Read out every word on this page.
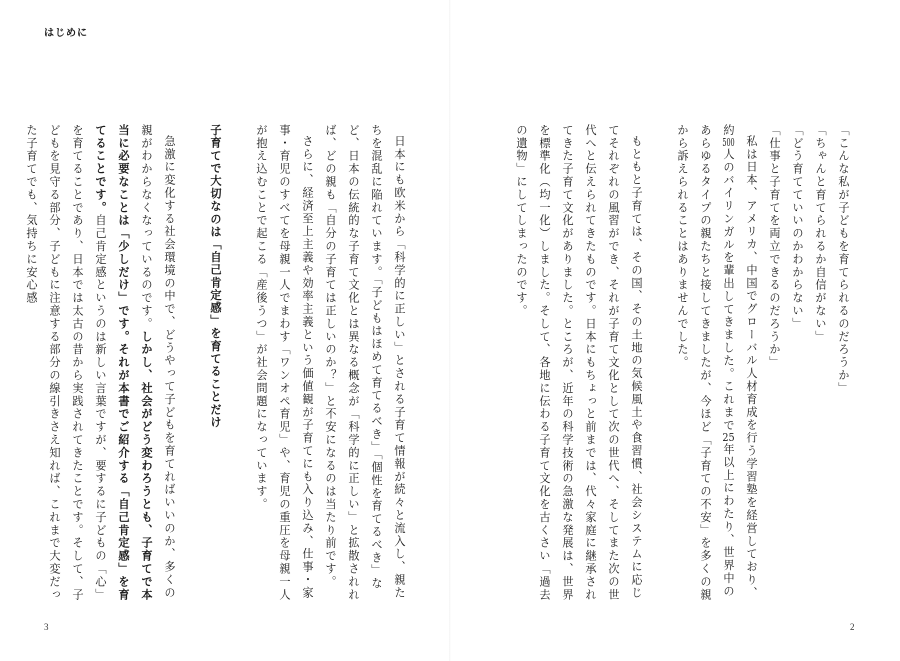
はじめに

「こんな私が子どもを育てられるのだろうか」

「ちゃんと育てられるか自信がない」

「どう育てていいのかわからない」

「仕事と子育てを両立できるのだろうか」

私は日本、アメリカ、中国でグローバル人材育成を行う学習塾を経営しており、約500人のバイリンガルを輩出してきました。これまで25年以上にわたり、世界中のあらゆるタイプの親たちと接してきましたが、今ほど「子育ての不安」を多くの親から訴えられることはありませんでした。

もともと子育ては、その国、その土地の気候風土や食習慣、社会システムに応じてそれぞれの風習ができ、それが子育て文化として次の世代へ、そしてまた次の世代へと伝えられてきたものです。日本にもちょっと前までは、代々家庭に継承されてきた子育て文化がありました。ところが、近年の科学技術の急激な発展は、世界を標準化（均一化）しました。そして、各地に伝わる子育て文化を古くさい「過去の遺物」にしてしまったのです。

日本にも欧米から「科学的に正しい」とされる子育て情報が続々と流入し、親たちを混乱に陥れています。「子どもはほめて育てるべき」「個性を育てるべき」など、日本の伝統的な子育て文化とは異なる概念が「科学的に正しい」と拡散されれば、どの親も「自分の子育ては正しいのか？」と不安になるのは当たり前です。

さらに、経済至上主義や効率主義という価値観が子育てにも入り込み、仕事・家事・育児のすべてを母親一人でまわす「ワンオペ育児」や、育児の重圧を母親一人が抱え込むことで起こる「産後うつ」が社会問題になっています。

子育てで大切なのは「自己肯定感」を育てることだけ

急激に変化する社会環境の中で、どうやって子どもを育てればいいのか、多くの親がわからなくなっているのです。しかし、社会がどう変わろうとも、子育てで本当に必要なことは「少しだけ」です。それが本書でご紹介する「自己肯定感」を育てることです。自己肯定感というのは新しい言葉ですが、要するに子どもの「心」を育てることであり、日本では太古の昔から実践されてきたことです。そして、子どもを見守る部分、子どもに注意する部分の線引きさえ知れば、これまで大変だった子育てでも、気持ちに安心感

3	2
